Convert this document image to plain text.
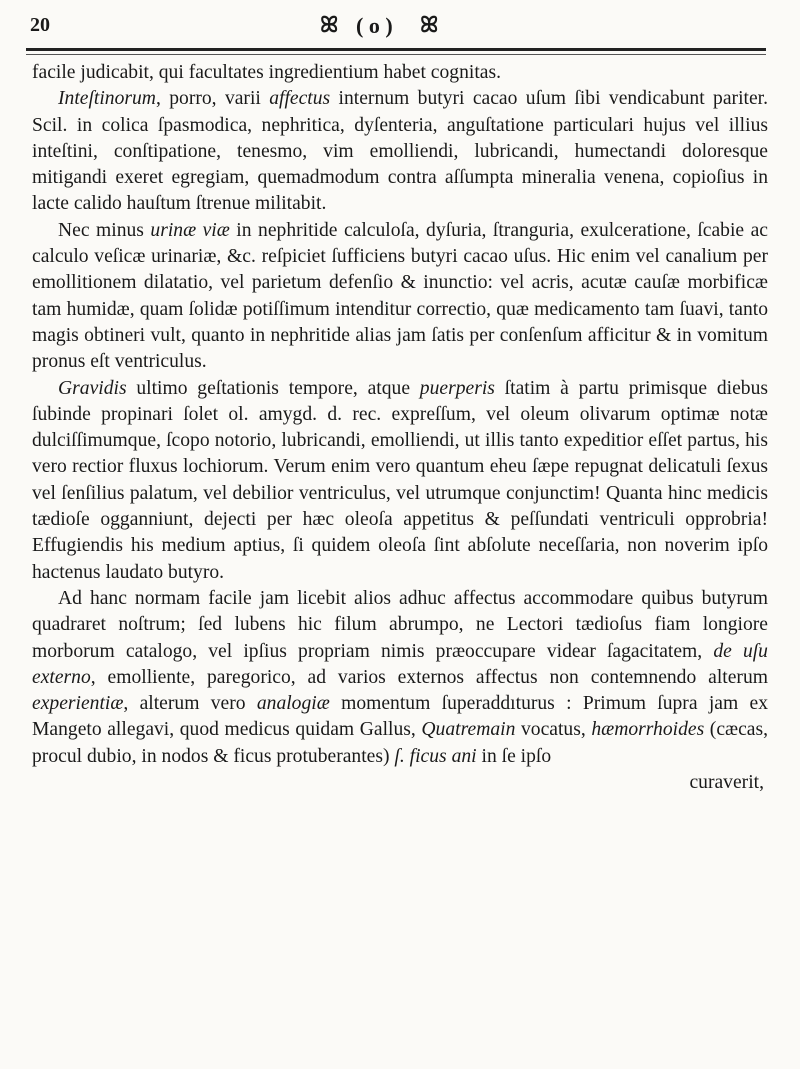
20	ꕤ ( o ) ꕤ

facile judicabit, qui facultates ingredientium habet cognitas.

Inteſtinorum, porro, varii affectus internum butyri cacao uſum ſibi vendicabunt pariter. Scil. in colica ſpasmodica, nephritica, dyſenteria, anguſtatione particulari hujus vel illius inteſtini, conſtipatione, tenesmo, vim emolliendi, lubricandi, humectandi doloresque mitigandi exeret egregiam, quemadmodum contra aſſumpta mineralia venena, copioſius in lacte calido hauſtum ſtrenue militabit.

Nec minus urinæ viæ in nephritide calculoſa, dyſuria, ſtranguria, exulceratione, ſcabie ac calculo veſicæ urinariæ, &c. reſpiciet ſufficiens butyri cacao uſus. Hic enim vel canalium per emollitionem dilatatio, vel parietum defenſio & inunctio: vel acris, acutæ cauſæ morbificæ tam humidæ, quam ſolidæ potiſſimum intenditur correctio, quæ medicamento tam ſuavi, tanto magis obtineri vult, quanto in nephritide alias jam ſatis per conſenſum afficitur & in vomitum pronus eſt ventriculus.

Gravidis ultimo geſtationis tempore, atque puerperis ſtatim à partu primisque diebus ſubinde propinari ſolet ol. amygd. d. rec. expreſſum, vel oleum olivarum optimæ notæ dulciſſimumque, ſcopo notorio, lubricandi, emolliendi, ut illis tanto expeditior eſſet partus, his vero rectior fluxus lochiorum. Verum enim vero quantum eheu ſæpe repugnat delicatuli ſexus vel ſenſilius palatum, vel debilior ventriculus, vel utrumque conjunctim! Quanta hinc medicis tædioſe ogganniunt, dejecti per hæc oleoſa appetitus & peſſundati ventriculi opprobria! Effugiendis his medium aptius, ſi quidem oleoſa ſint abſolute neceſſaria, non noverim ipſo hactenus laudato butyro.

Ad hanc normam facile jam licebit alios adhuc affectus accommodare quibus butyrum quadraret noſtrum; ſed lubens hic filum abrumpo, ne Lectori tædioſus fiam longiore morborum catalogo, vel ipſius propriam nimis præoccupare videar ſagacitatem, de uſu externo, emolliente, paregorico, ad varios externos affectus non contemnendo alterum experientiæ, alterum vero analogiæ momentum ſuperaddıturus : Primum ſupra jam ex Mangeto allegavi, quod medicus quidam Gallus, Quatremain vocatus, hæmorrhoides (cæcas, procul dubio, in nodos & ficus protuberantes) ſ. ficus ani in ſe ipſo

curaverit,
